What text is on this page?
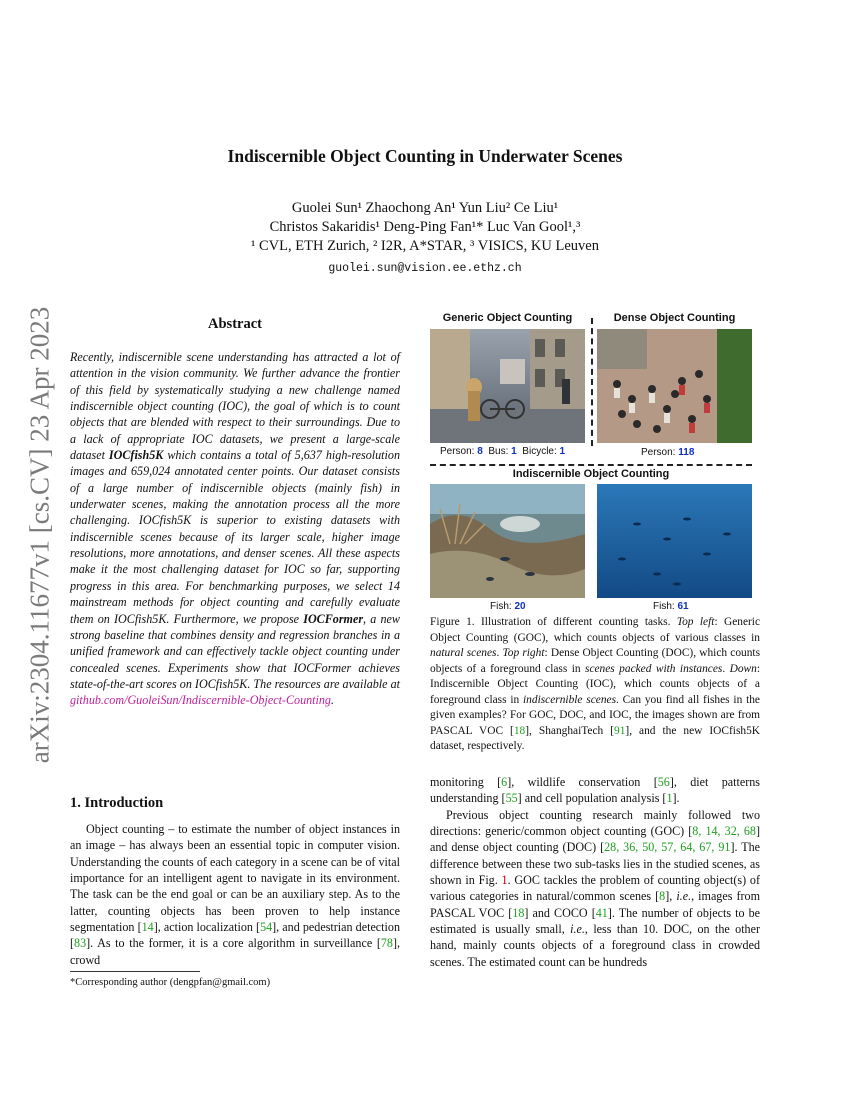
Indiscernible Object Counting in Underwater Scenes
Guolei Sun¹ Zhaochong An¹ Yun Liu² Ce Liu¹
Christos Sakaridis¹ Deng-Ping Fan¹* Luc Van Gool¹,³
¹ CVL, ETH Zurich, ² I2R, A*STAR, ³ VISICS, KU Leuven
guolei.sun@vision.ee.ethz.ch
arXiv:2304.11677v1 [cs.CV] 23 Apr 2023	Abstract
Recently, indiscernible scene understanding has attracted a lot of attention in the vision community. We further advance the frontier of this field by systematically studying a new challenge named indiscernible object counting (IOC), the goal of which is to count objects that are blended with respect to their surroundings. Due to a lack of appropriate IOC datasets, we present a large-scale dataset IOCfish5K which contains a total of 5,637 high-resolution images and 659,024 annotated center points. Our dataset consists of a large number of indiscernible objects (mainly fish) in underwater scenes, making the annotation process all the more challenging. IOCfish5K is superior to existing datasets with indiscernible scenes because of its larger scale, higher image resolutions, more annotations, and denser scenes. All these aspects make it the most challenging dataset for IOC so far, supporting progress in this area. For benchmarking purposes, we select 14 mainstream methods for object counting and carefully evaluate them on IOCfish5K. Furthermore, we propose IOCFormer, a new strong baseline that combines density and regression branches in a unified framework and can effectively tackle object counting under concealed scenes. Experiments show that IOCFormer achieves state-of-the-art scores on IOCfish5K. The resources are available at github.com/GuoleiSun/Indiscernible-Object-Counting.
1. Introduction

Object counting – to estimate the number of object instances in an image – has always been an essential topic in computer vision. Understanding the counts of each category in a scene can be of vital importance for an intelligent agent to navigate in its environment. The task can be the end goal or can be an auxiliary step. As to the latter, counting objects has been proven to help instance segmentation [14], action localization [54], and pedestrian detection [83]. As to the former, it is a core algorithm in surveillance [78], crowd

*Corresponding author (dengpfan@gmail.com)
Generic Object Counting	Dense Object Counting
Person: 8 Bus: 1 Bicycle: 1	Person: 118
Indiscernible Object Counting
Fish: 20	Fish: 61
Figure 1. Illustration of different counting tasks. Top left: Generic Object Counting (GOC), which counts objects of various classes in natural scenes. Top right: Dense Object Counting (DOC), which counts objects of a foreground class in scenes packed with instances. Down: Indiscernible Object Counting (IOC), which counts objects of a foreground class in indiscernible scenes. Can you find all fishes in the given examples? For GOC, DOC, and IOC, the images shown are from PASCAL VOC [18], ShanghaiTech [91], and the new IOCfish5K dataset, respectively.

monitoring [6], wildlife conservation [56], diet patterns understanding [55] and cell population analysis [1].

Previous object counting research mainly followed two directions: generic/common object counting (GOC) [8, 14, 32, 68] and dense object counting (DOC) [28, 36, 50, 57, 64, 67, 91]. The difference between these two sub-tasks lies in the studied scenes, as shown in Fig. 1. GOC tackles the problem of counting object(s) of various categories in natural/common scenes [8], i.e., images from PASCAL VOC [18] and COCO [41]. The number of objects to be estimated is usually small, i.e., less than 10. DOC, on the other hand, mainly counts objects of a foreground class in crowded scenes. The estimated count can be hundreds
